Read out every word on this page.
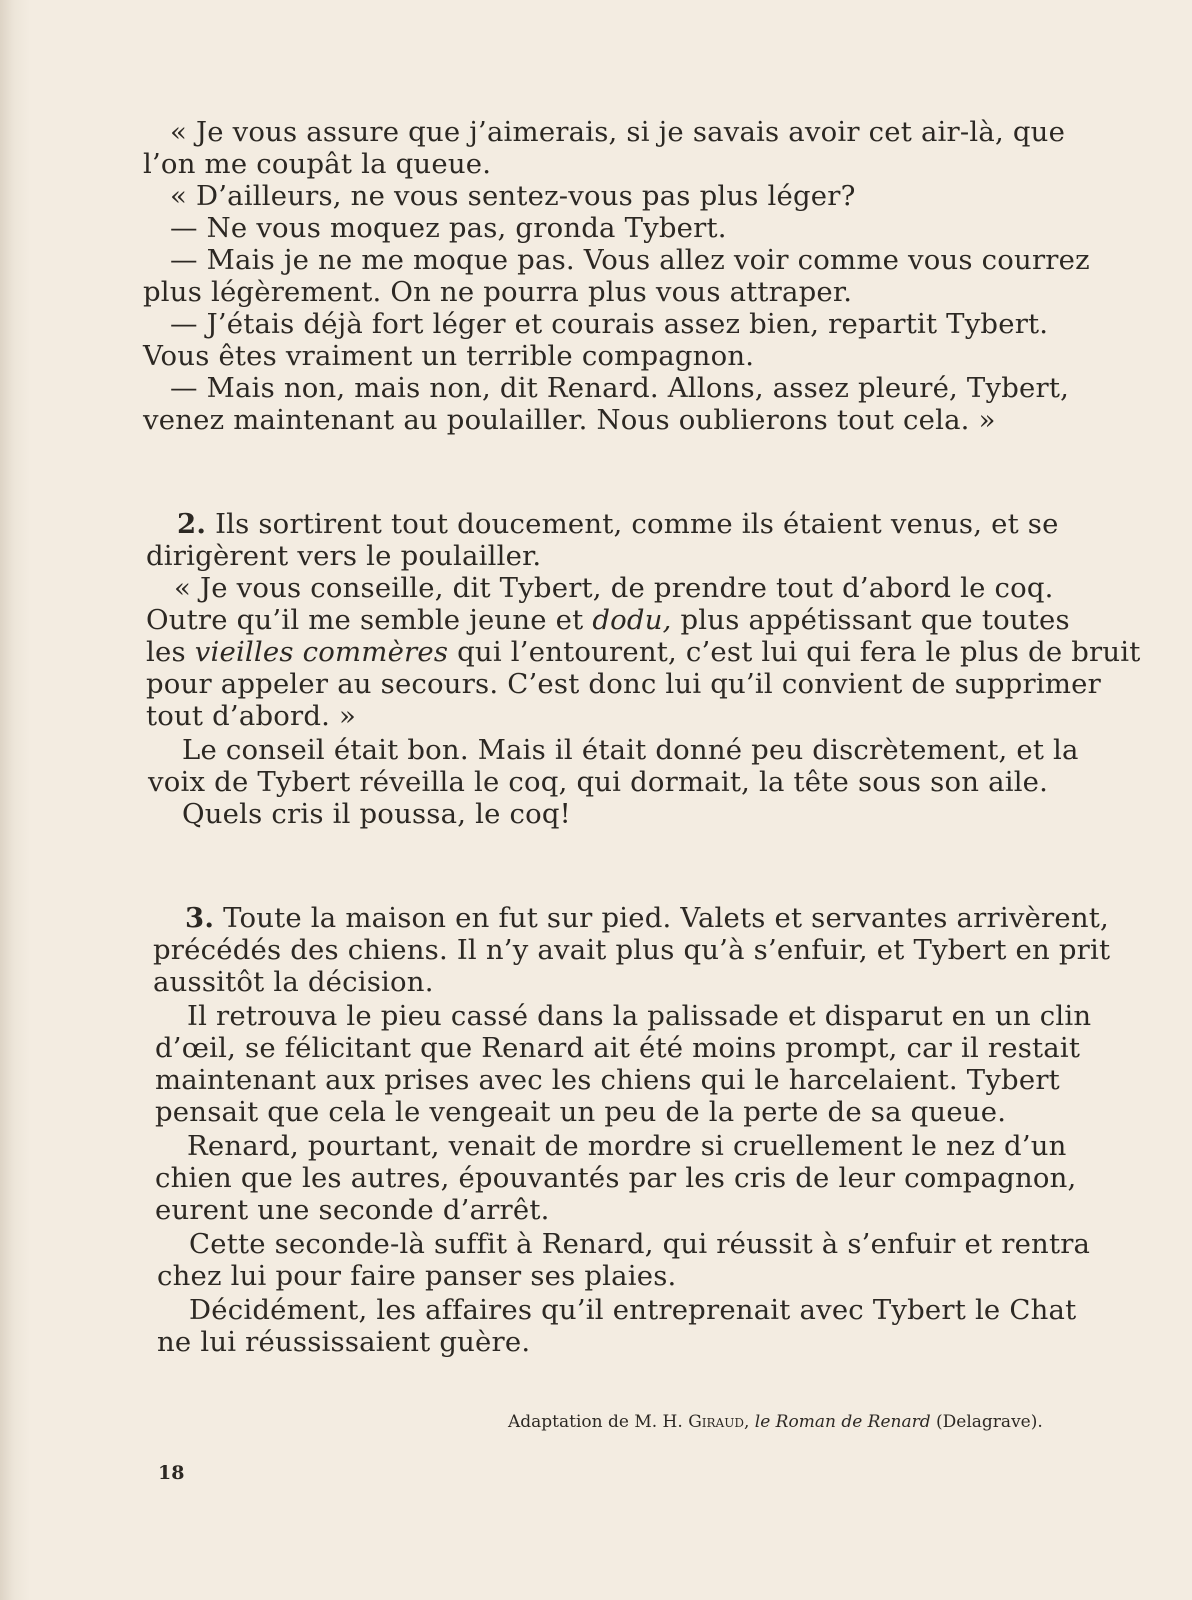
« Je vous assure que j’aimerais, si je savais avoir cet air-là, que
l’on me coupât la queue.
« D’ailleurs, ne vous sentez-vous pas plus léger?
— Ne vous moquez pas, gronda Tybert.
— Mais je ne me moque pas. Vous allez voir comme vous courrez
plus légèrement. On ne pourra plus vous attraper.
— J’étais déjà fort léger et courais assez bien, repartit Tybert.
Vous êtes vraiment un terrible compagnon.
— Mais non, mais non, dit Renard. Allons, assez pleuré, Tybert,
venez maintenant au poulailler. Nous oublierons tout cela. »
2. Ils sortirent tout doucement, comme ils étaient venus, et se
dirigèrent vers le poulailler.
« Je vous conseille, dit Tybert, de prendre tout d’abord le coq.
Outre qu’il me semble jeune et dodu, plus appétissant que toutes
les vieilles commères qui l’entourent, c’est lui qui fera le plus de bruit
pour appeler au secours. C’est donc lui qu’il convient de supprimer
tout d’abord. »
Le conseil était bon. Mais il était donné peu discrètement, et la
voix de Tybert réveilla le coq, qui dormait, la tête sous son aile.
Quels cris il poussa, le coq!
3. Toute la maison en fut sur pied. Valets et servantes arrivèrent,
précédés des chiens. Il n’y avait plus qu’à s’enfuir, et Tybert en prit
aussitôt la décision.
Il retrouva le pieu cassé dans la palissade et disparut en un clin
d’œil, se félicitant que Renard ait été moins prompt, car il restait
maintenant aux prises avec les chiens qui le harcelaient. Tybert
pensait que cela le vengeait un peu de la perte de sa queue.
Renard, pourtant, venait de mordre si cruellement le nez d’un
chien que les autres, épouvantés par les cris de leur compagnon,
eurent une seconde d’arrêt.
Cette seconde-là suffit à Renard, qui réussit à s’enfuir et rentra
chez lui pour faire panser ses plaies.
Décidément, les affaires qu’il entreprenait avec Tybert le Chat
ne lui réussissaient guère.
Adaptation de M. H. Giraud, le Roman de Renard (Delagrave).
18
